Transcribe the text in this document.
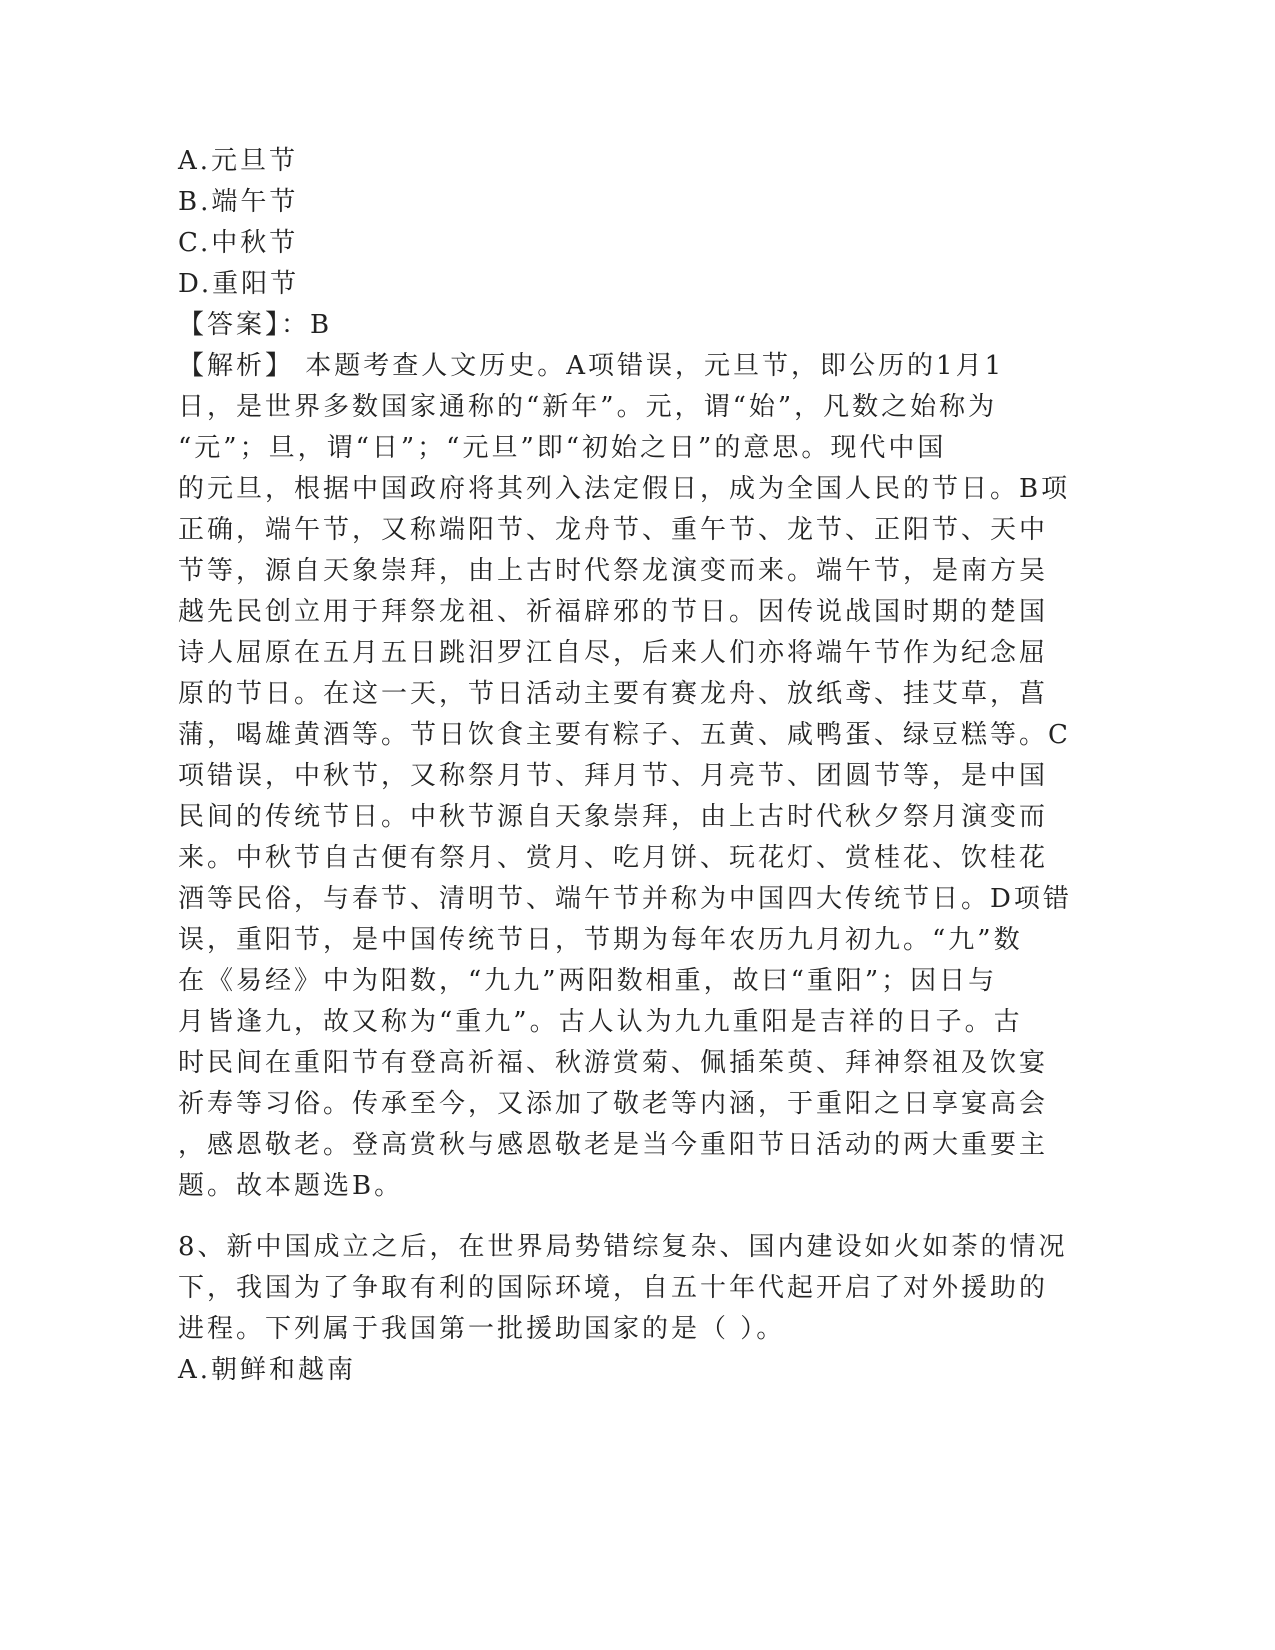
A.元旦节
B.端午节
C.中秋节
D.重阳节
【答案】：B
【解析】 本题考查人文历史。A项错误，元旦节，即公历的1月1
日，是世界多数国家通称的“新年”。元，谓“始”，凡数之始称为
“元”；旦，谓“日”；“元旦”即“初始之日”的意思。现代中国
的元旦，根据中国政府将其列入法定假日，成为全国人民的节日。B项
正确，端午节，又称端阳节、龙舟节、重午节、龙节、正阳节、天中
节等，源自天象崇拜，由上古时代祭龙演变而来。端午节，是南方吴
越先民创立用于拜祭龙祖、祈福辟邪的节日。因传说战国时期的楚国
诗人屈原在五月五日跳汨罗江自尽，后来人们亦将端午节作为纪念屈
原的节日。在这一天，节日活动主要有赛龙舟、放纸鸢、挂艾草，菖
蒲，喝雄黄酒等。节日饮食主要有粽子、五黄、咸鸭蛋、绿豆糕等。C
项错误，中秋节，又称祭月节、拜月节、月亮节、团圆节等，是中国
民间的传统节日。中秋节源自天象崇拜，由上古时代秋夕祭月演变而
来。中秋节自古便有祭月、赏月、吃月饼、玩花灯、赏桂花、饮桂花
酒等民俗，与春节、清明节、端午节并称为中国四大传统节日。D项错
误，重阳节，是中国传统节日，节期为每年农历九月初九。“九”数
在《易经》中为阳数，“九九”两阳数相重，故曰“重阳”；因日与
月皆逢九，故又称为“重九”。古人认为九九重阳是吉祥的日子。古
时民间在重阳节有登高祈福、秋游赏菊、佩插茱萸、拜神祭祖及饮宴
祈寿等习俗。传承至今，又添加了敬老等内涵，于重阳之日享宴高会
，感恩敬老。登高赏秋与感恩敬老是当今重阳节日活动的两大重要主
题。故本题选B。
8、新中国成立之后，在世界局势错综复杂、国内建设如火如荼的情况
下，我国为了争取有利的国际环境，自五十年代起开启了对外援助的
进程。下列属于我国第一批援助国家的是（ ）。
A.朝鲜和越南
